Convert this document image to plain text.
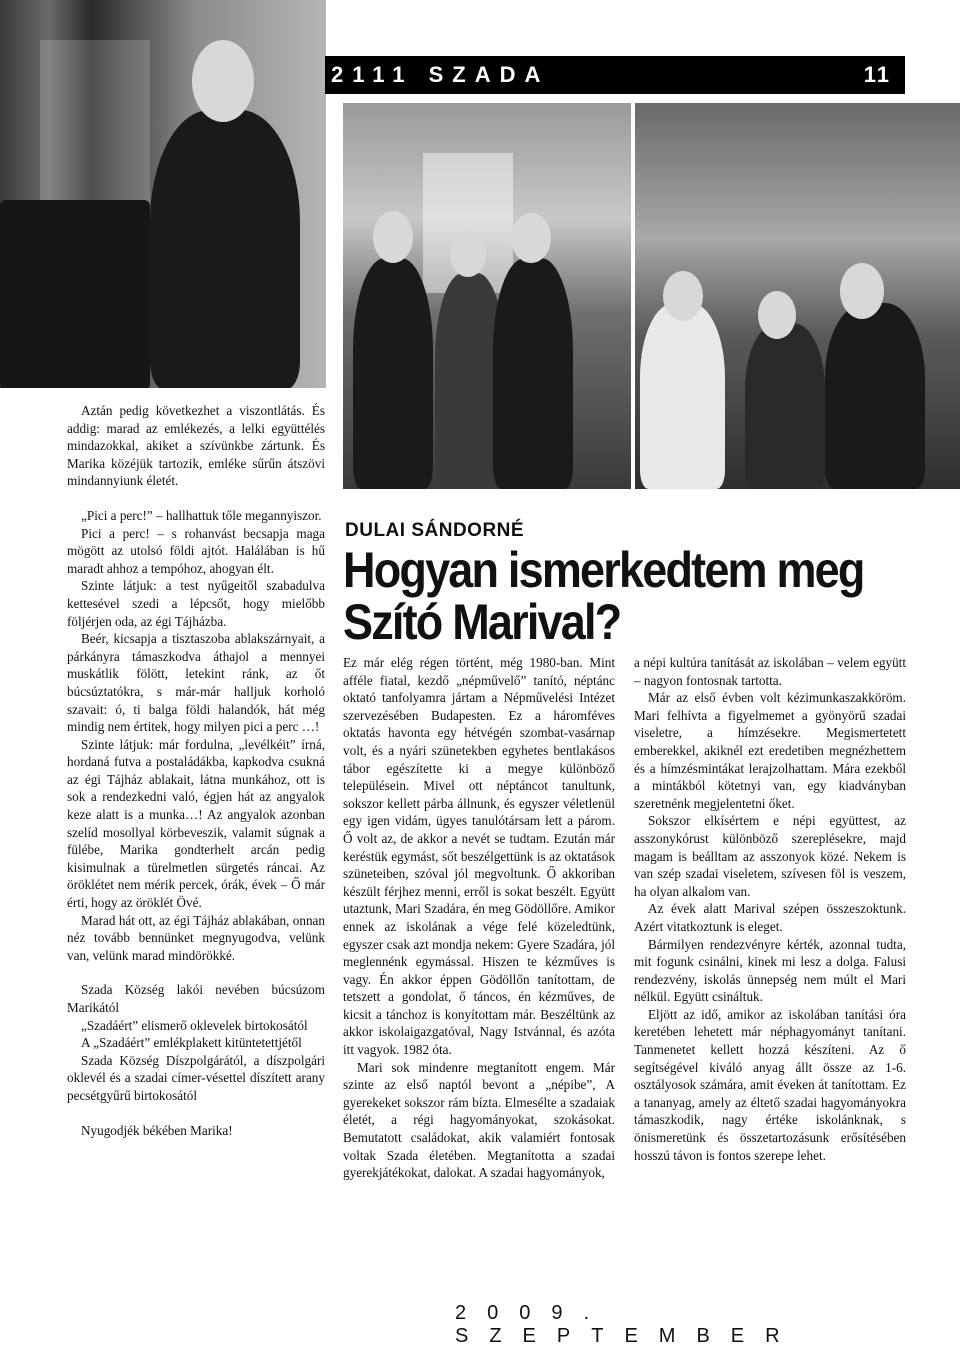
2111 SZADA	11

Aztán pedig következhet a viszontlátás. És addig: marad az emlékezés, a lelki együttélés mindazokkal, akiket a szívünkbe zártunk. És Marika közéjük tartozik, emléke sűrűn átszövi mindannyiunk életét.

„Pici a perc!” – hallhattuk tőle megannyiszor.

Pici a perc! – s rohanvást becsapja maga mögött az utolsó földi ajtót. Halálában is hű maradt ahhoz a tempóhoz, ahogyan élt.

Szinte látjuk: a test nyűgeitől szabadulva kettesével szedi a lépcsőt, hogy mielőbb följérjen oda, az égi Tájházba.

Beér, kicsapja a tisztaszoba ablakszárnyait, a párkányra támaszkodva áthajol a mennyei muskátlik fölött, letekint ránk, az őt búcsúztatókra, s már-már halljuk korholó szavait: ó, ti balga földi halandók, hát még mindig nem értitek, hogy milyen pici a perc …!

Szinte látjuk: már fordulna, „levélkéit” írná, hordaná futva a postaládákba, kapkodva csukná az égi Tájház ablakait, látna munkához, ott is sok a rendezkedni való, égjen hát az angyalok keze alatt is a munka…! Az angyalok azonban szelíd mosollyal körbeveszik, valamit súgnak a fülébe, Marika gondterhelt arcán pedig kisimulnak a türelmetlen sürgetés ráncai. Az öröklétet nem mérik percek, órák, évek – Ő már érti, hogy az öröklét Övé.

Marad hát ott, az égi Tájház ablakában, onnan néz tovább bennünket megnyugodva, velünk van, velünk marad mindörökké.

Szada Község lakói nevében búcsúzom Marikától

„Szadáért” elismerő oklevelek birtokosától

A „Szadáért” emlékplakett kitüntetettjétől

Szada Község Díszpolgárától, a díszpolgári oklevél és a szadai címer-vésettel díszített arany pecsétgyűrű birtokosától

Nyugodjék békében Marika!

DULAI SÁNDORNÉ
Hogyan ismerkedtem meg
Szító Marival?

Ez már elég régen történt, még 1980-ban. Mint afféle fiatal, kezdő „népművelő” tanító, néptánc oktató tanfolyamra jártam a Népművelési Intézet szervezésében Budapesten. Ez a háromféves oktatás havonta egy hétvégén szombat-vasárnap volt, és a nyári szünetekben egyhetes bentlakásos tábor egészítette ki a megye különböző településein. Mivel ott néptáncot tanultunk, sokszor kellett párba állnunk, és egyszer véletlenül egy igen vidám, ügyes tanulótársam lett a párom. Ő volt az, de akkor a nevét se tudtam. Ezután már keréstük egymást, sőt beszélgettünk is az oktatások szüneteiben, szóval jól megvoltunk. Ő akkoriban készült férjhez menni, erről is sokat beszélt. Együtt utaztunk, Mari Szadára, én meg Gödöllőre. Amikor ennek az iskolának a vége felé közeledtünk, egyszer csak azt mondja nekem: Gyere Szadára, jól meglennénk egymással. Hiszen te kézműves is vagy. Én akkor éppen Gödöllőn tanítottam, de tetszett a gondolat, ő táncos, én kézműves, de kicsit a tánchoz is konyítottam már. Beszéltünk az akkor iskolaigazgatóval, Nagy Istvánnal, és azóta itt vagyok. 1982 óta.

Mari sok mindenre megtanított engem. Már szinte az első naptól bevont a „népibe”, A gyerekeket sokszor rám bízta. Elmesélte a szadaiak életét, a régi hagyományokat, szokásokat. Bemutatott családokat, akik valamiért fontosak voltak Szada életében. Megtanította a szadai gyerekjátékokat, dalokat. A szadai hagyományok,

a népi kultúra tanítását az iskolában – velem együtt – nagyon fontosnak tartotta.

Már az első évben volt kézimunkaszakköröm. Mari felhívta a figyelmemet a gyönyörű szadai viseletre, a hímzésekre. Megismertetett emberekkel, akiknél ezt eredetiben megnézhettem és a hímzésmintákat lerajzolhattam. Mára ezekből a mintákból kötetnyi van, egy kiadványban szeretnénk megjelentetni őket.

Sokszor elkísértem e népi együttest, az asszonykórust különböző szereplésekre, majd magam is beálltam az asszonyok közé. Nekem is van szép szadai viseletem, szívesen föl is veszem, ha olyan alkalom van.

Az évek alatt Marival szépen összeszoktunk. Azért vitatkoztunk is eleget.

Bármilyen rendezvényre kérték, azonnal tudta, mit fogunk csinálni, kinek mi lesz a dolga. Falusi rendezvény, iskolás ünnepség nem múlt el Mari nélkül. Együtt csináltuk.

Eljött az idő, amikor az iskolában tanítási óra keretében lehetett már néphagyományt tanítani. Tanmenetet kellett hozzá készíteni. Az ő segítségével kiváló anyag állt össze az 1-6. osztályosok számára, amit éveken át tanítottam. Ez a tananyag, amely az éltető szadai hagyományokra támaszkodik, nagy értéke iskolánknak, s önismeretünk és összetartozásunk erősítésében hosszú távon is fontos szerepe lehet.

2009. SZEPTEMBER
